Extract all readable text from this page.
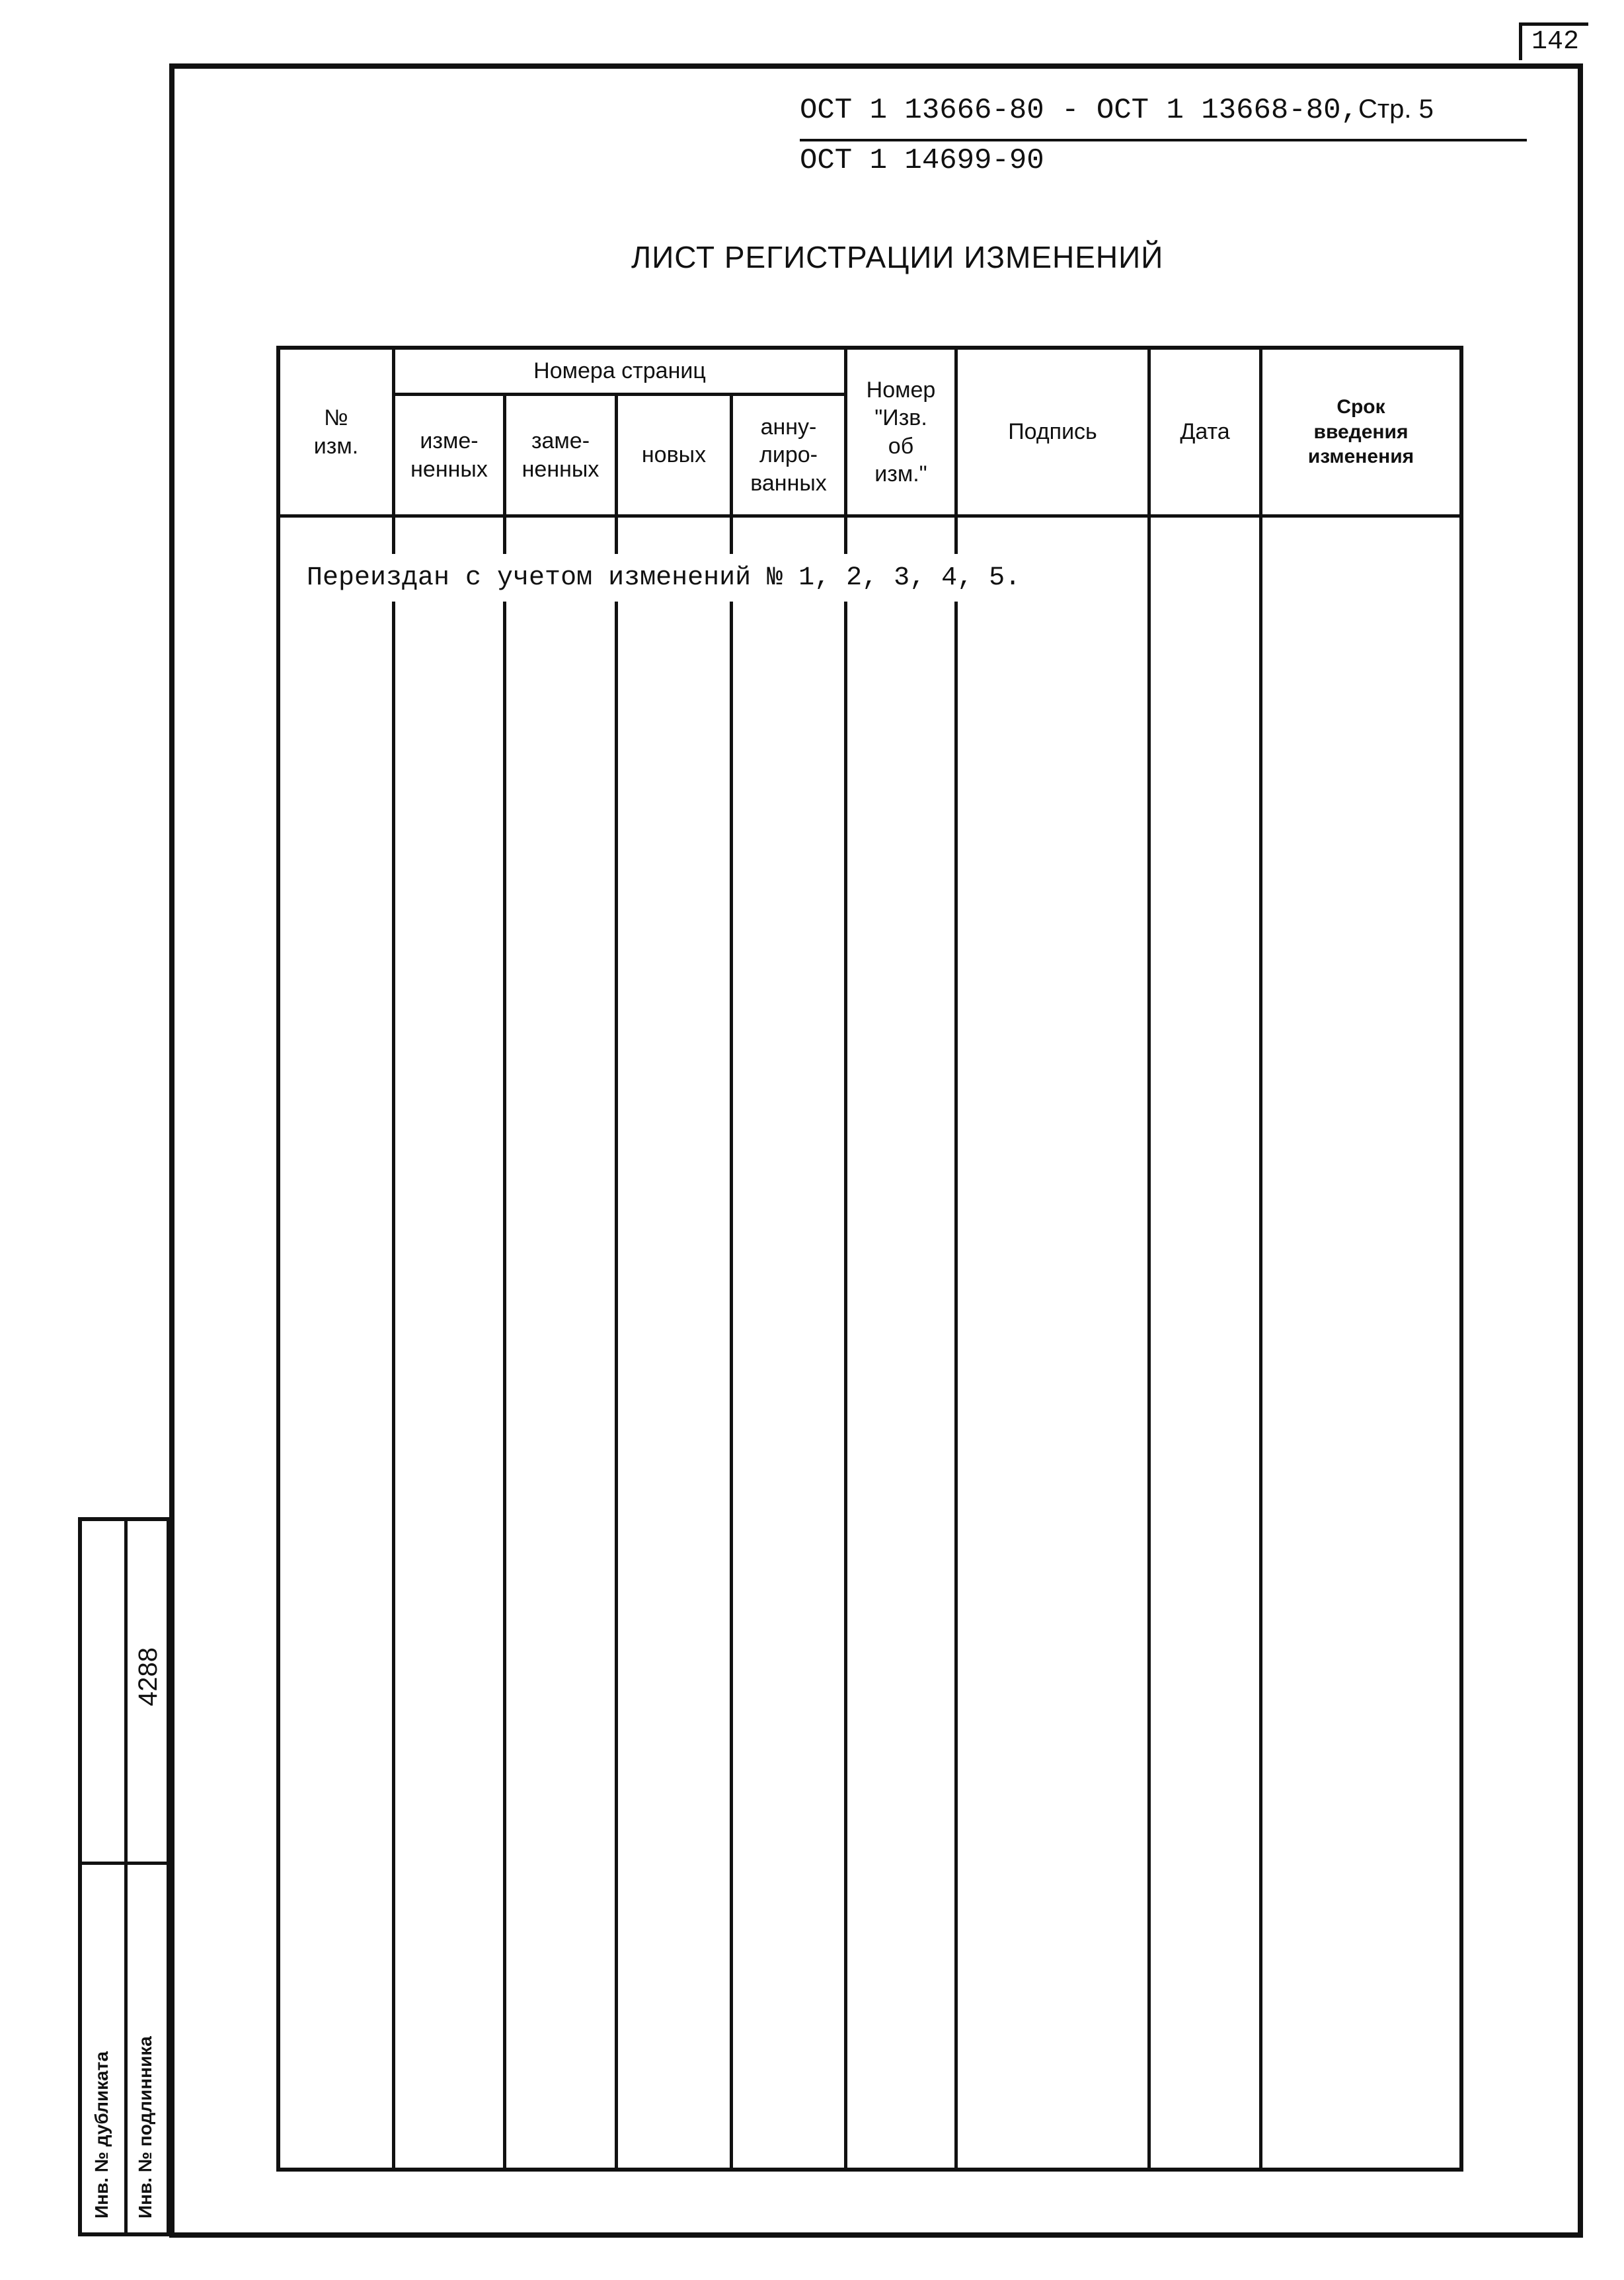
142
ОСТ 1 13666-80 - ОСТ 1 13668-80,Стр. 5
ОСТ 1 14699-90
ЛИСТ РЕГИСТРАЦИИ ИЗМЕНЕНИЙ
№
изм.
Номера страниц
изме-
ненных
заме-
ненных
новых
анну-
лиро-
ванных
Номер
"Изв.
об
изм."
Подпись	Дата
Срок
введения
изменения
Переиздан с учетом изменений № 1, 2, 3, 4, 5.
4288
Инв. № дубликата Инв. № подлинника
